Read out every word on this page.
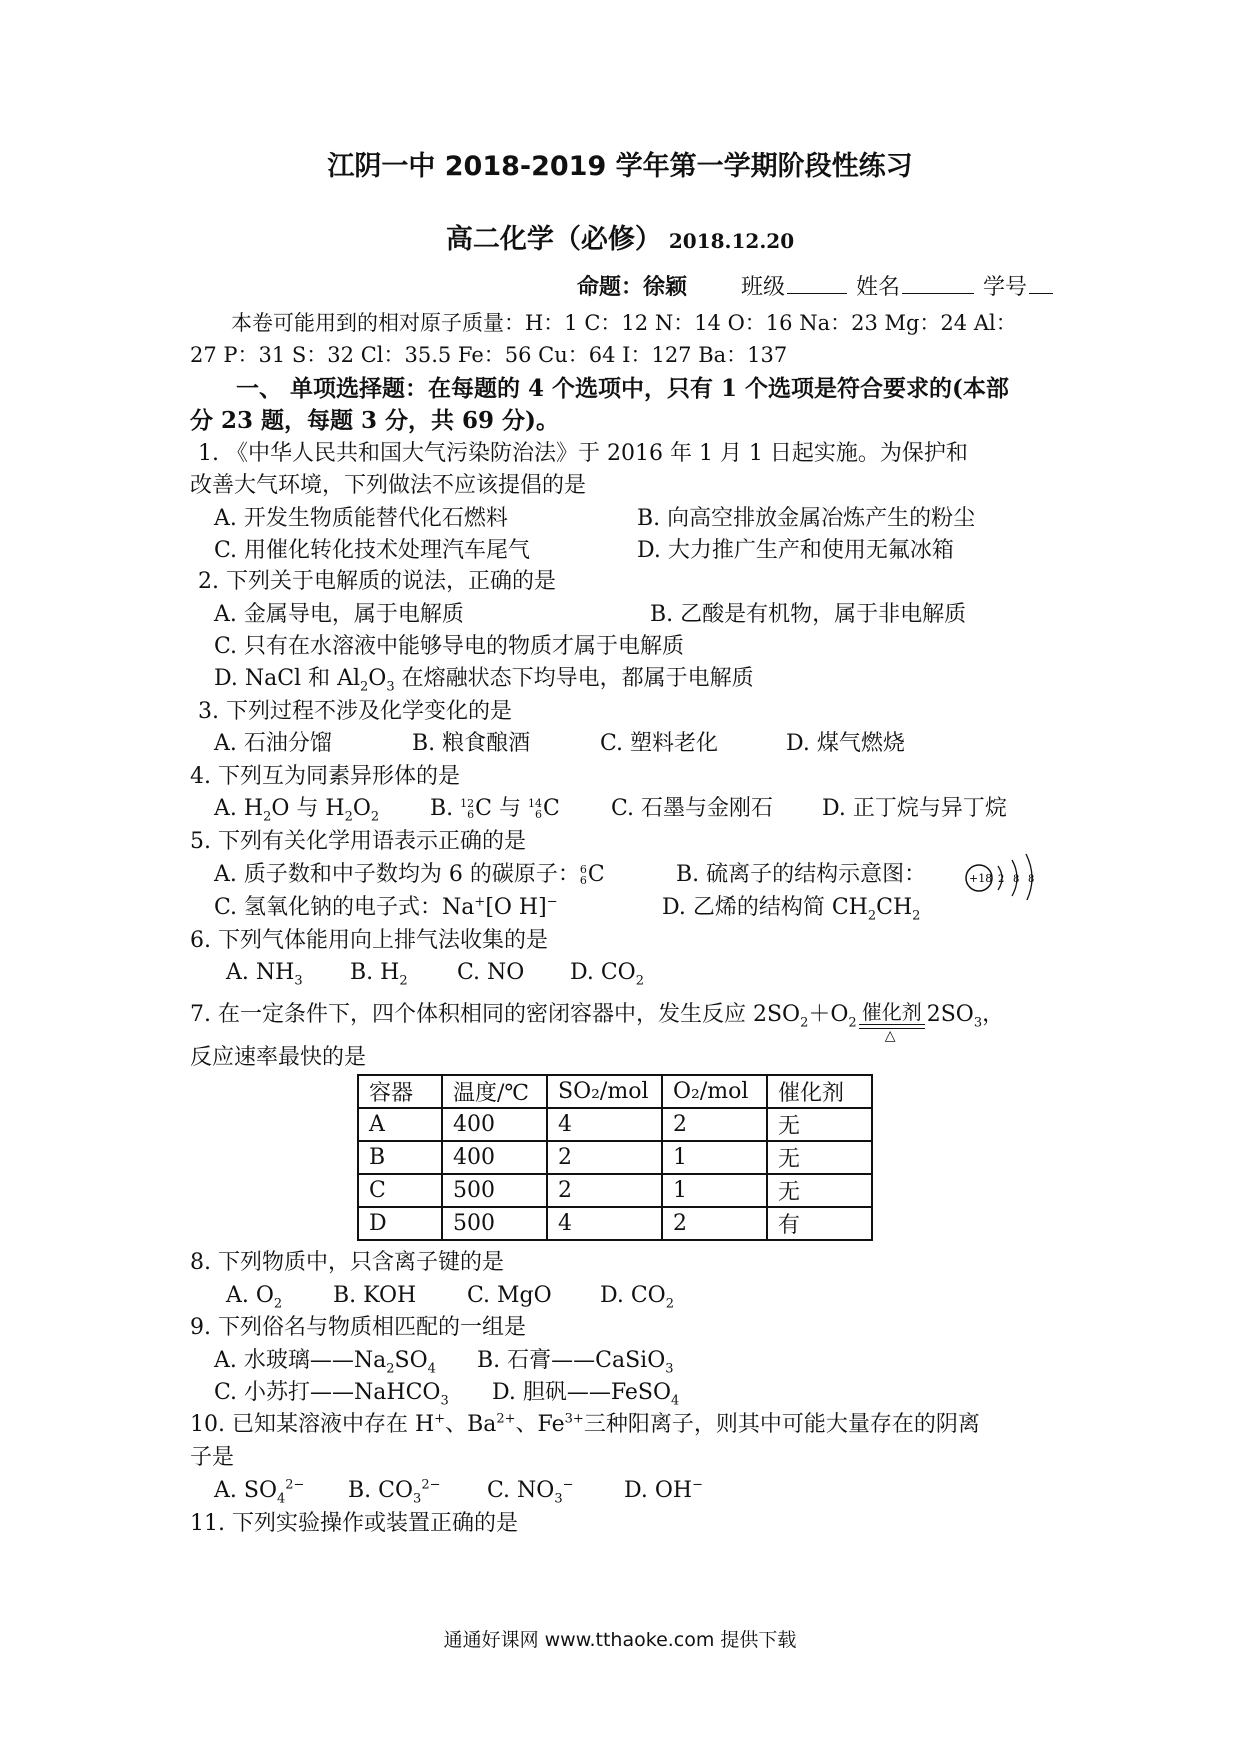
江阴一中 2018-2019 学年第一学期阶段性练习
高二化学（必修） 2018.12.20
命题：徐颖 班级	姓名	学号
本卷可能用到的相对原子质量：H：1 C：12 N：14 O：16 Na：23 Mg：24 Al：
27 P：31 S：32 Cl：35.5 Fe：56 Cu：64 I：127 Ba：137
一、 单项选择题：在每题的 4 个选项中，只有 1 个选项是符合要求的(本部
分 23 题，每题 3 分，共 69 分)。
1. 《中华人民共和国大气污染防治法》于 2016 年 1 月 1 日起实施。为保护和
改善大气环境，下列做法不应该提倡的是
A. 开发生物质能替代化石燃料	B. 向高空排放金属冶炼产生的粉尘
C. 用催化转化技术处理汽车尾气	D. 大力推广生产和使用无氟冰箱
2. 下列关于电解质的说法，正确的是
A. 金属导电，属于电解质	B. 乙酸是有机物，属于非电解质
C. 只有在水溶液中能够导电的物质才属于电解质
D. NaCl 和 $Al_2O_3$ 在熔融状态下均导电，都属于电解质
3. 下列过程不涉及化学变化的是
A. 石油分馏	B. 粮食酿酒	C. 塑料老化	D. 煤气燃烧
4. 下列互为同素异形体的是
A. $H_2O$ 与 $H_2O_2$ B. 12
6 C 与 14
6 C C. 石墨与金刚石 D. 正丁烷与异丁烷
5. 下列有关化学用语表示正确的是
A. 质子数和中子数均为 6 的碳原子： 6
6 C	B. 硫离子的结构示意图：	+18 2 8 8
C. 氢氧化钠的电子式：Na+[O H]−	D. 乙烯的结构简 $CH_2CH_2$
6. 下列气体能用向上排气法收集的是
A. $NH_3$ B. $H_2$ C. NO D. $CO_2$
7. 在一定条件下，四个体积相同的密闭容器中，发生反应 $2SO_2+O_2$ 催化剂
△
$2SO_3$，
反应速率最快的是
容器	温度/℃	SO₂/mol	O₂/mol	催化剂
A	400	4	2	无
B	400	2	1	无
C	500	2	1	无
D	500	4	2	有
8. 下列物质中，只含离子键的是
A. $O_2$ B. KOH C. MgO D. $CO_2$
9. 下列俗名与物质相匹配的一组是
A. 水玻璃$——Na_2SO_4$ B. 石膏——CaSiO$_3$
C. 小苏打——NaHCO$_3$ D. 胆矾——FeSO$_4$
10. 已知某溶液中存在 H+、$Ba^{2+}$、$Fe^{3+}$三种阳离子，则其中可能大量存在的阴离
子是
A. $SO_4^{2-}$ B. $CO_3^{2-}$ C. $NO_3^-$ D. OH−
11. 下列实验操作或装置正确的是
通通好课网 www.tthaoke.com 提供下载
